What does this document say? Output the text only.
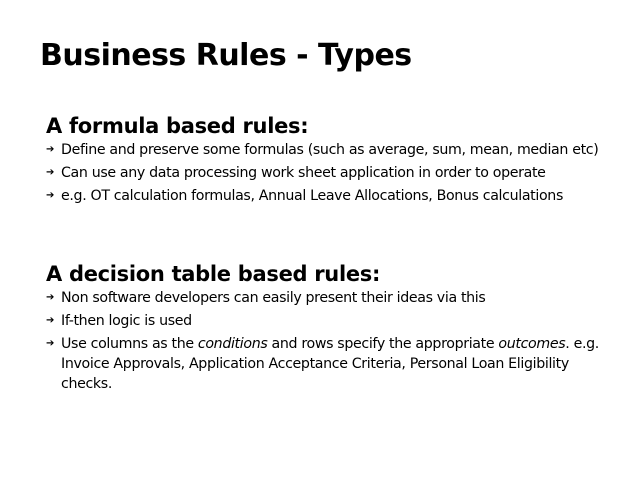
Business Rules - Types
A formula based rules:
➔ Define and preserve some formulas (such as average, sum, mean, median etc)
➔ Can use any data processing work sheet application in order to operate
➔ e.g. OT calculation formulas, Annual Leave Allocations, Bonus calculations
A decision table based rules:
➔ Non software developers can easily present their ideas via this
➔ If-then logic is used
➔ Use columns as the conditions and rows specify the appropriate outcomes. e.g. Invoice Approvals, Application Acceptance Criteria, Personal Loan Eligibility checks.
